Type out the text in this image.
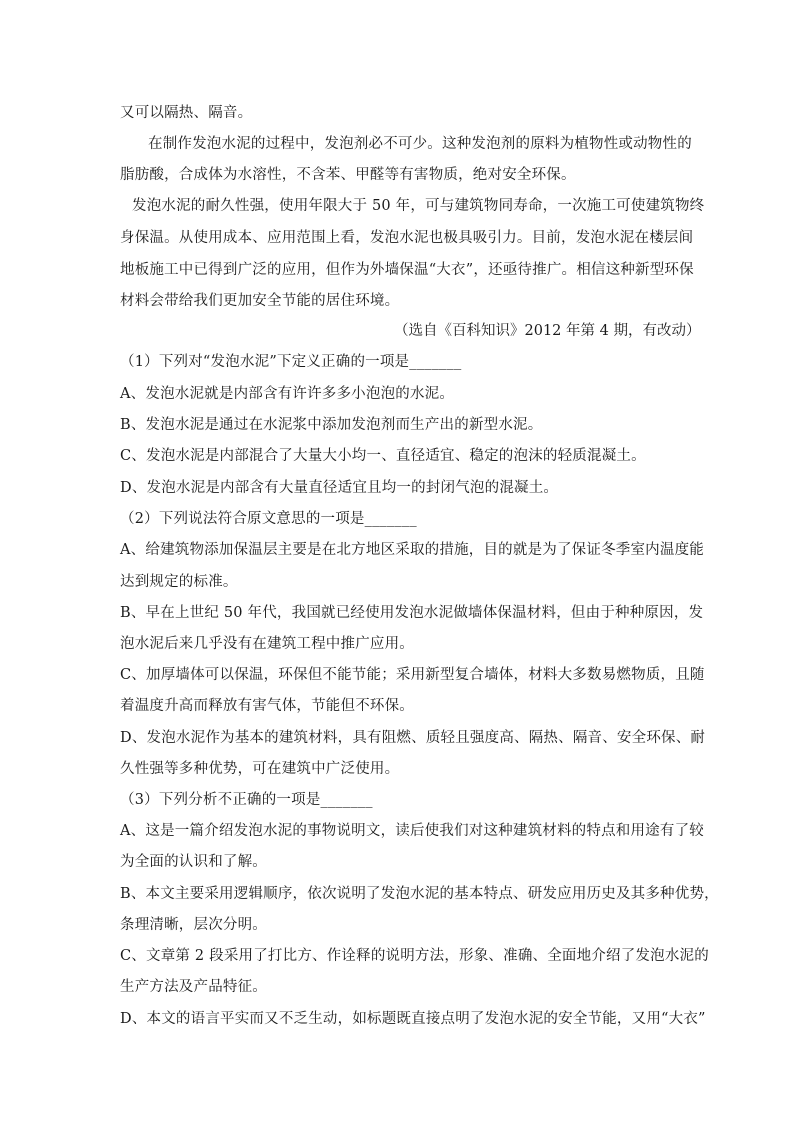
又可以隔热、隔音。
在制作发泡水泥的过程中，发泡剂必不可少。这种发泡剂的原料为植物性或动物性的
脂肪酸，合成体为水溶性，不含苯、甲醛等有害物质，绝对安全环保。
发泡水泥的耐久性强，使用年限大于 50 年，可与建筑物同寿命，一次施工可使建筑物终
身保温。从使用成本、应用范围上看，发泡水泥也极具吸引力。目前，发泡水泥在楼层间
地板施工中已得到广泛的应用，但作为外墙保温“大衣”，还亟待推广。相信这种新型环保
材料会带给我们更加安全节能的居住环境。
（选自《百科知识》2012 年第 4 期，有改动）
（1）下列对“发泡水泥”下定义正确的一项是_______
A、发泡水泥就是内部含有许许多多小泡泡的水泥。
B、发泡水泥是通过在水泥浆中添加发泡剂而生产出的新型水泥。
C、发泡水泥是内部混合了大量大小均一、直径适宜、稳定的泡沫的轻质混凝土。
D、发泡水泥是内部含有大量直径适宜且均一的封闭气泡的混凝土。
（2）下列说法符合原文意思的一项是_______
A、给建筑物添加保温层主要是在北方地区采取的措施，目的就是为了保证冬季室内温度能
达到规定的标准。
B、早在上世纪 50 年代，我国就已经使用发泡水泥做墙体保温材料，但由于种种原因，发
泡水泥后来几乎没有在建筑工程中推广应用。
C、加厚墙体可以保温，环保但不能节能；采用新型复合墙体，材料大多数易燃物质，且随
着温度升高而释放有害气体，节能但不环保。
D、发泡水泥作为基本的建筑材料，具有阻燃、质轻且强度高、隔热、隔音、安全环保、耐
久性强等多种优势，可在建筑中广泛使用。
（3）下列分析不正确的一项是_______
A、这是一篇介绍发泡水泥的事物说明文，读后使我们对这种建筑材料的特点和用途有了较
为全面的认识和了解。
B、本文主要采用逻辑顺序，依次说明了发泡水泥的基本特点、研发应用历史及其多种优势，
条理清晰，层次分明。
C、文章第 2 段采用了打比方、作诠释的说明方法，形象、准确、全面地介绍了发泡水泥的
生产方法及产品特征。
D、本文的语言平实而又不乏生动，如标题既直接点明了发泡水泥的安全节能，又用“大衣”
